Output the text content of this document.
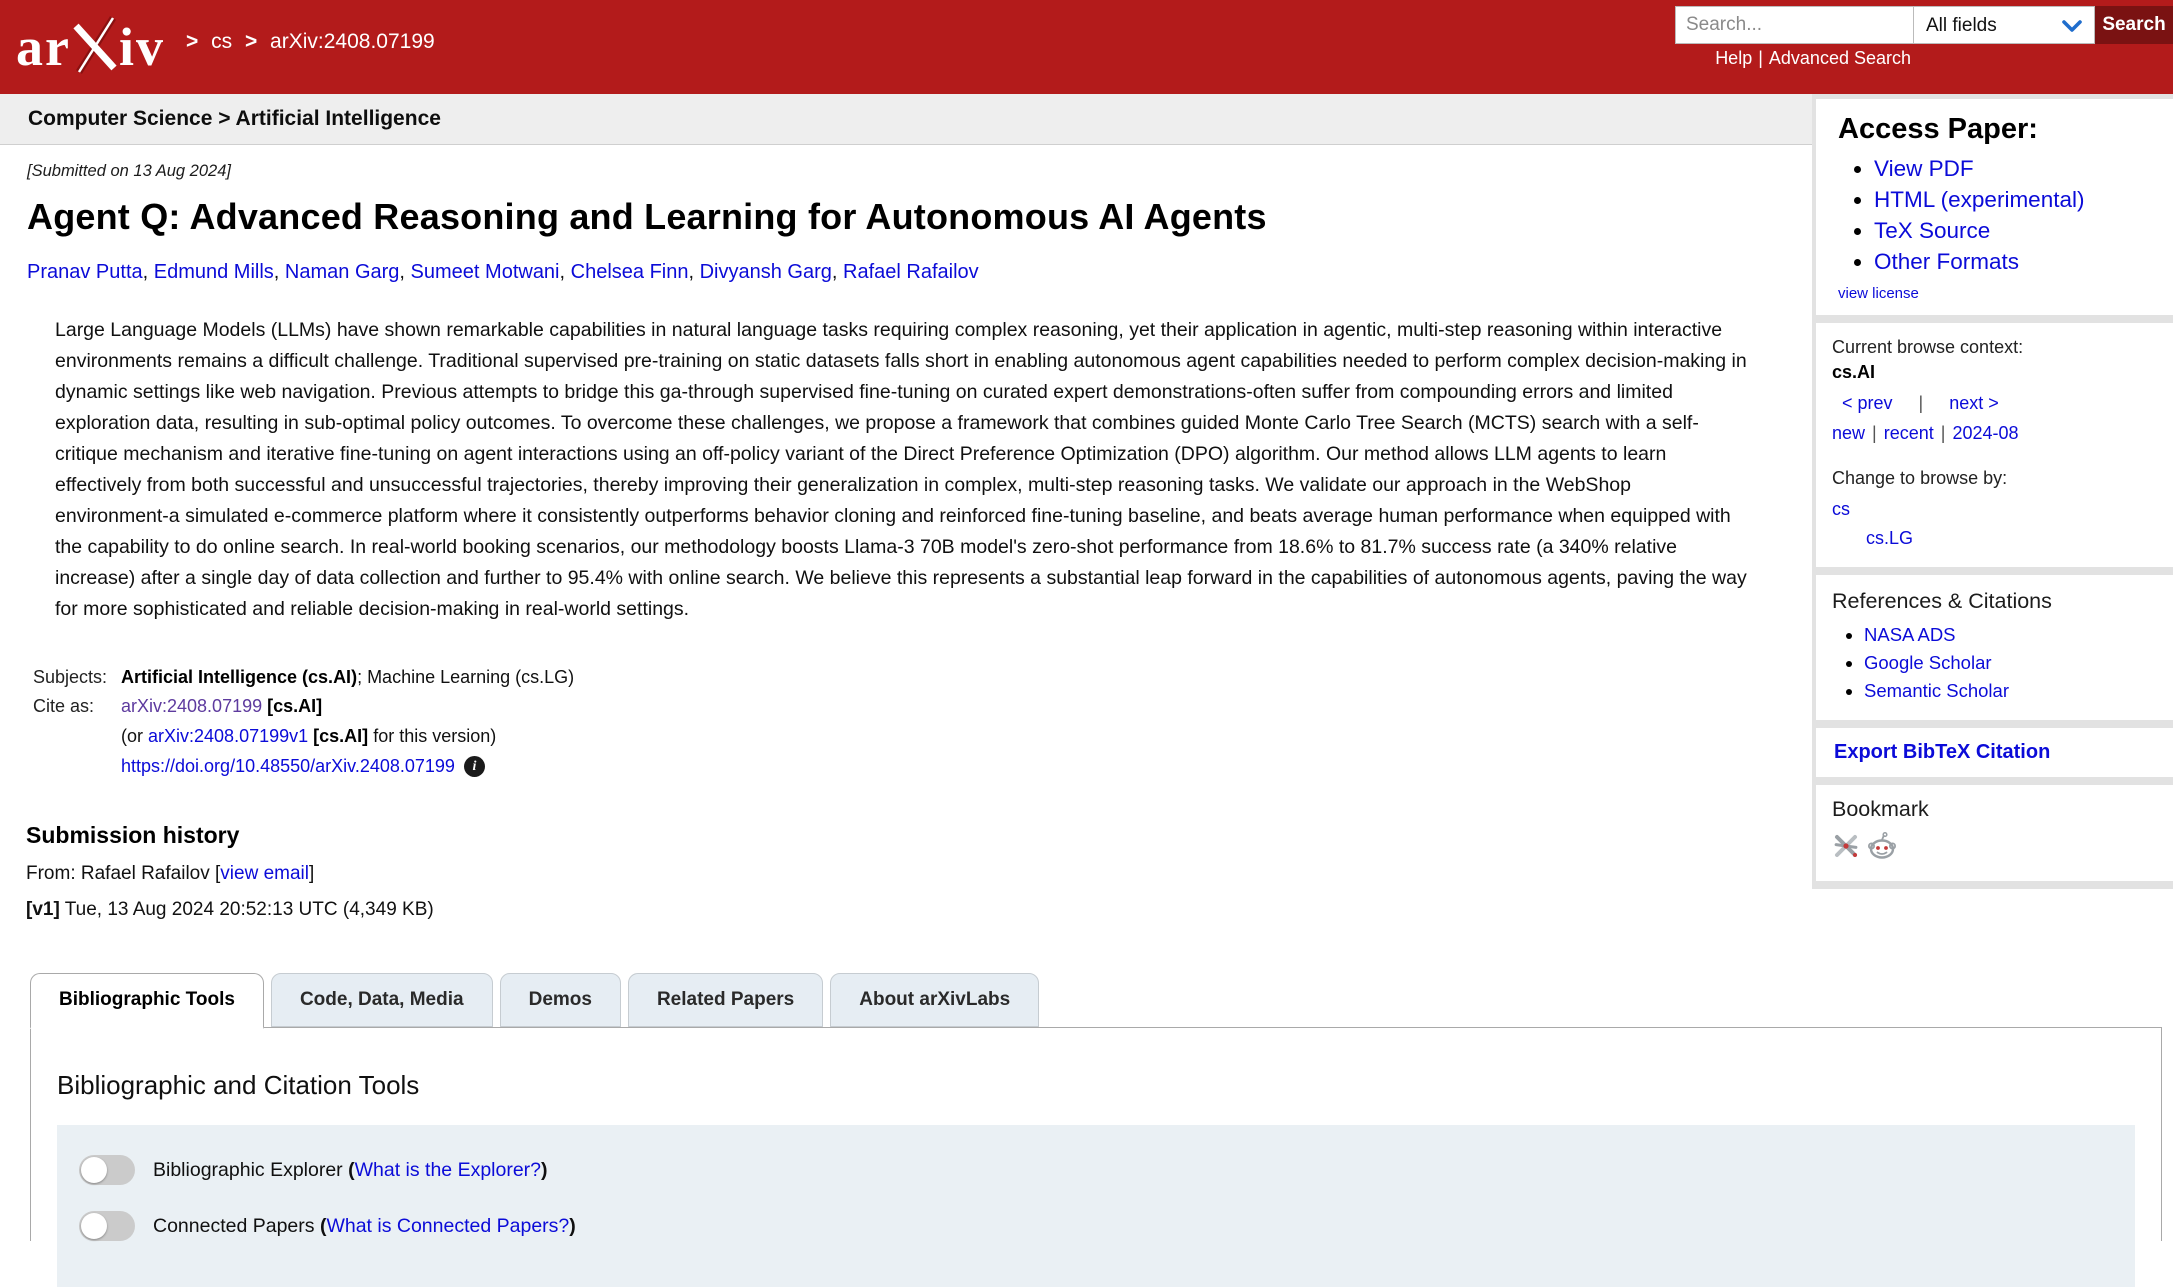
ar iv	> cs > arXiv:2408.07199
Search...
All fields
Search
Help | Advanced Search
Computer Science > Artificial Intelligence
[Submitted on 13 Aug 2024]
Agent Q: Advanced Reasoning and Learning for Autonomous AI Agents
Pranav Putta , Edmund Mills , Naman Garg , Sumeet Motwani , Chelsea Finn , Divyansh Garg , Rafael Rafailov

Large Language Models (LLMs) have shown remarkable capabilities in natural language tasks requiring complex reasoning, yet their application in agentic, multi-step reasoning within interactive environments remains a difficult challenge. Traditional supervised pre-training on static datasets falls short in enabling autonomous agent capabilities needed to perform complex decision-making in dynamic settings like web navigation. Previous attempts to bridge this ga-through supervised fine-tuning on curated expert demonstrations-often suffer from compounding errors and limited exploration data, resulting in sub-optimal policy outcomes. To overcome these challenges, we propose a framework that combines guided Monte Carlo Tree Search (MCTS) search with a self-critique mechanism and iterative fine-tuning on agent interactions using an off-policy variant of the Direct Preference Optimization (DPO) algorithm. Our method allows LLM agents to learn effectively from both successful and unsuccessful trajectories, thereby improving their generalization in complex, multi-step reasoning tasks. We validate our approach in the WebShop environment-a simulated e-commerce platform where it consistently outperforms behavior cloning and reinforced fine-tuning baseline, and beats average human performance when equipped with the capability to do online search. In real-world booking scenarios, our methodology boosts Llama-3 70B model's zero-shot performance from 18.6% to 81.7% success rate (a 340% relative increase) after a single day of data collection and further to 95.4% with online search. We believe this represents a substantial leap forward in the capabilities of autonomous agents, paving the way for more sophisticated and reliable decision-making in real-world settings.

Subjects: Artificial Intelligence (cs.AI); Machine Learning (cs.LG)
Cite as:	arXiv:2408.07199 [cs.AI]
(or arXiv:2408.07199v1 [cs.AI] for this version)
https://doi.org/10.48550/arXiv.2408.07199
i
Submission history
From: Rafael Rafailov [view email]
[v1] Tue, 13 Aug 2024 20:52:13 UTC (4,349 KB)
Bibliographic Tools	Code, Data, Media	Demos	Related Papers	About arXivLabs
Bibliographic and Citation Tools
Bibliographic Explorer (What is the Explorer?)
Connected Papers (What is Connected Papers?)
Access Paper:
• View PDF
• HTML (experimental)
• TeX Source
• Other Formats
view license
Current browse context:
cs.AI
< prev | next >
new | recent | 2024-08
Change to browse by:
cs
cs.LG
References & Citations
• NASA ADS
• Google Scholar
• Semantic Scholar
Export BibTeX Citation
Bookmark
